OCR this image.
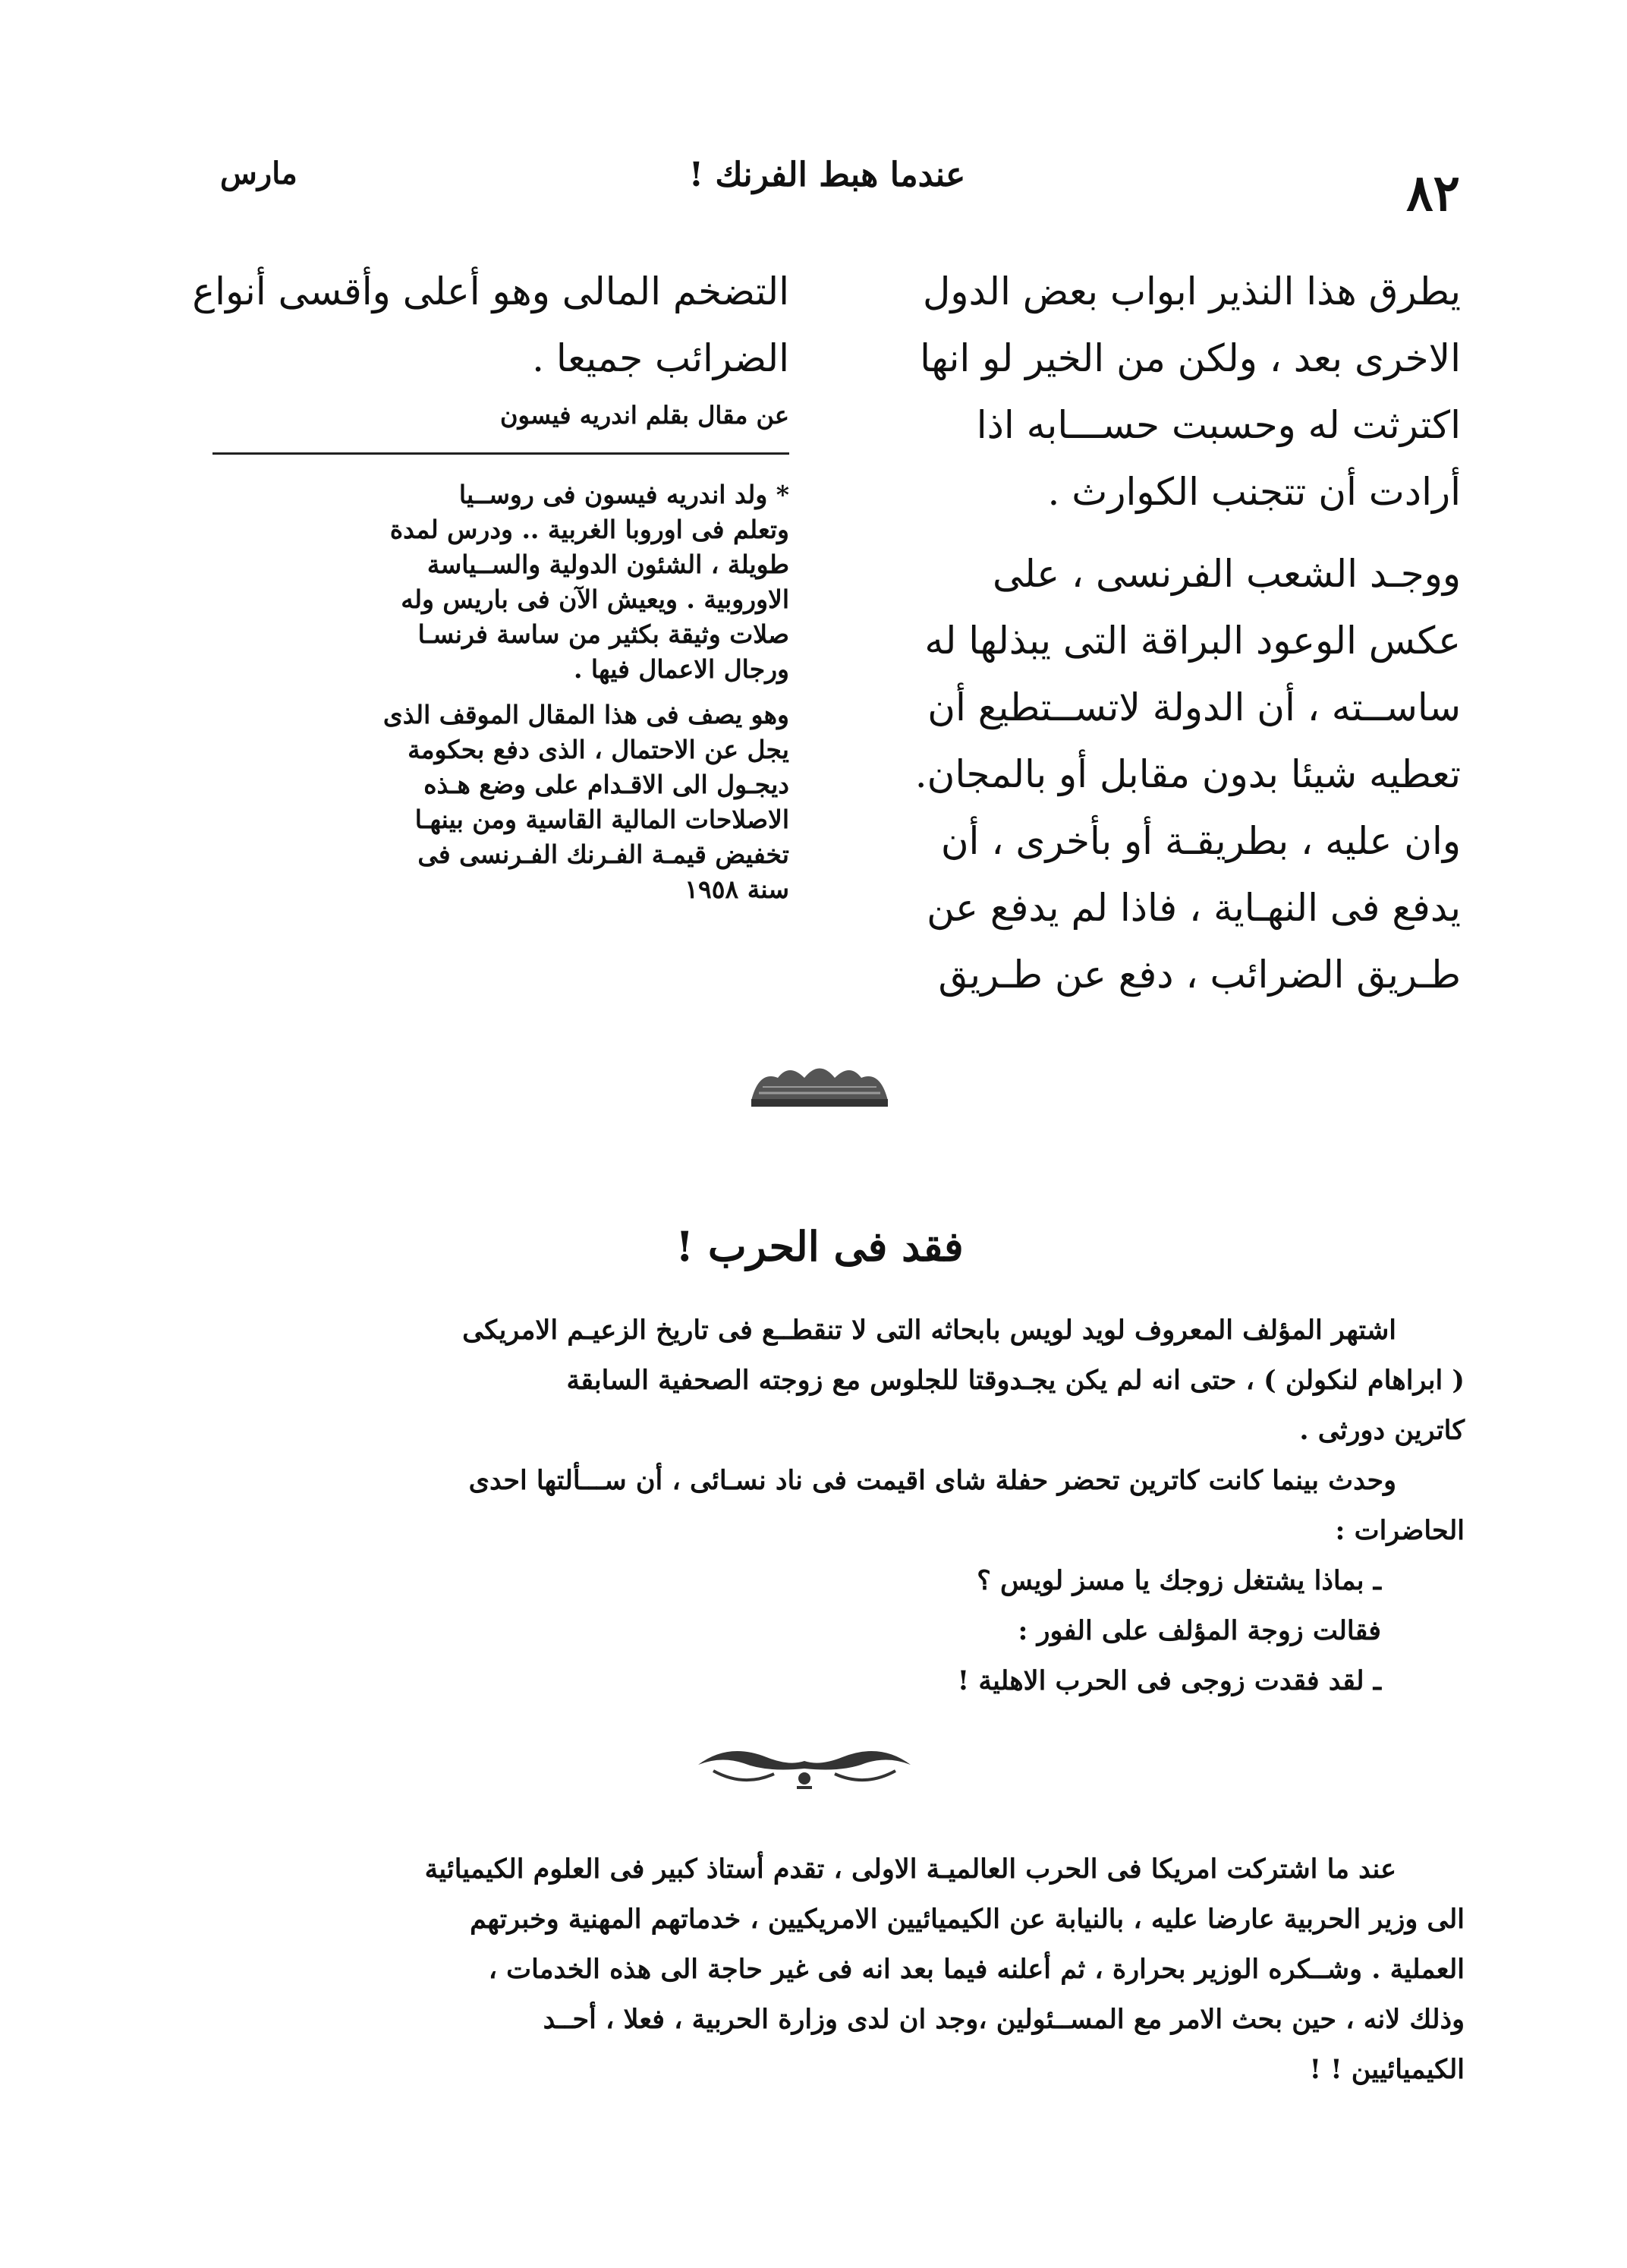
٨٢
عندما هبط الفرنك !
مارس
يطرق هذا النذير ابواب بعض الدول
الاخرى بعد ، ولكن من الخير لو انها
اكترثت له وحسبت حســـابه اذا
أرادت أن تتجنب الكوارث .
ووجـد الشعب الفرنسى ، على
عكس الوعود البراقة التى يبذلها له
ساســته ، أن الدولة لاتســتطيع أن
تعطيه شيئا بدون مقابل أو بالمجان.
وان عليه ، بطريقـة أو بأخرى ، أن
يدفع فى النهـاية ، فاذا لم يدفع عن
طـريق الضرائب ، دفع عن طـريق
التضخم المالى وهو أعلى وأقسى أنواع
الضرائب جميعا .
عن مقال بقلم اندريه فيسون
* ولد اندريه فيسون فى روســيا
وتعلم فى اوروبا الغربية .. ودرس لمدة
طويلة ، الشئون الدولية والســياسة
الاوروبية . ويعيش الآن فى باريس وله
صلات وثيقة بكثير من ساسة فرنسـا
ورجال الاعمال فيها .
وهو يصف فى هذا المقال الموقف الذى
يجل عن الاحتمال ، الذى دفع بحكومة
ديجـول الى الاقـدام على وضع هـذه
الاصلاحات المالية القاسية ومن بينهـا
تخفيض قيمـة الفـرنك الفـرنسى فى
سنة ١٩٥٨
فقد فى الحرب !
اشتهر المؤلف المعروف لويد لويس بابحاثه التى لا تنقطــع فى تاريخ الزعيـم الامريكى
( ابراهام لنكولن ) ، حتى انه لم يكن يجـدوقتا للجلوس مع زوجته الصحفية السابقة
كاترين دورثى .
وحدث بينما كانت كاترين تحضر حفلة شاى اقيمت فى ناد نسـائى ، أن ســـألتها احدى
الحاضرات :
ـ بماذا يشتغل زوجك يا مسز لويس ؟
فقالت زوجة المؤلف على الفور :
ـ لقد فقدت زوجى فى الحرب الاهلية !
عند ما اشتركت امريكا فى الحرب العالميـة الاولى ، تقدم أستاذ كبير فى العلوم الكيميائية
الى وزير الحربية عارضا عليه ، بالنيابة عن الكيميائيين الامريكيين ، خدماتهم المهنية وخبرتهم
العملية . وشــكره الوزير بحرارة ، ثم أعلنه فيما بعد انه فى غير حاجة الى هذه الخدمات ،
وذلك لانه ، حين بحث الامر مع المســئولين ،وجد ان لدى وزارة الحربية ، فعلا ، أحــد
الكيميائيين ! !
